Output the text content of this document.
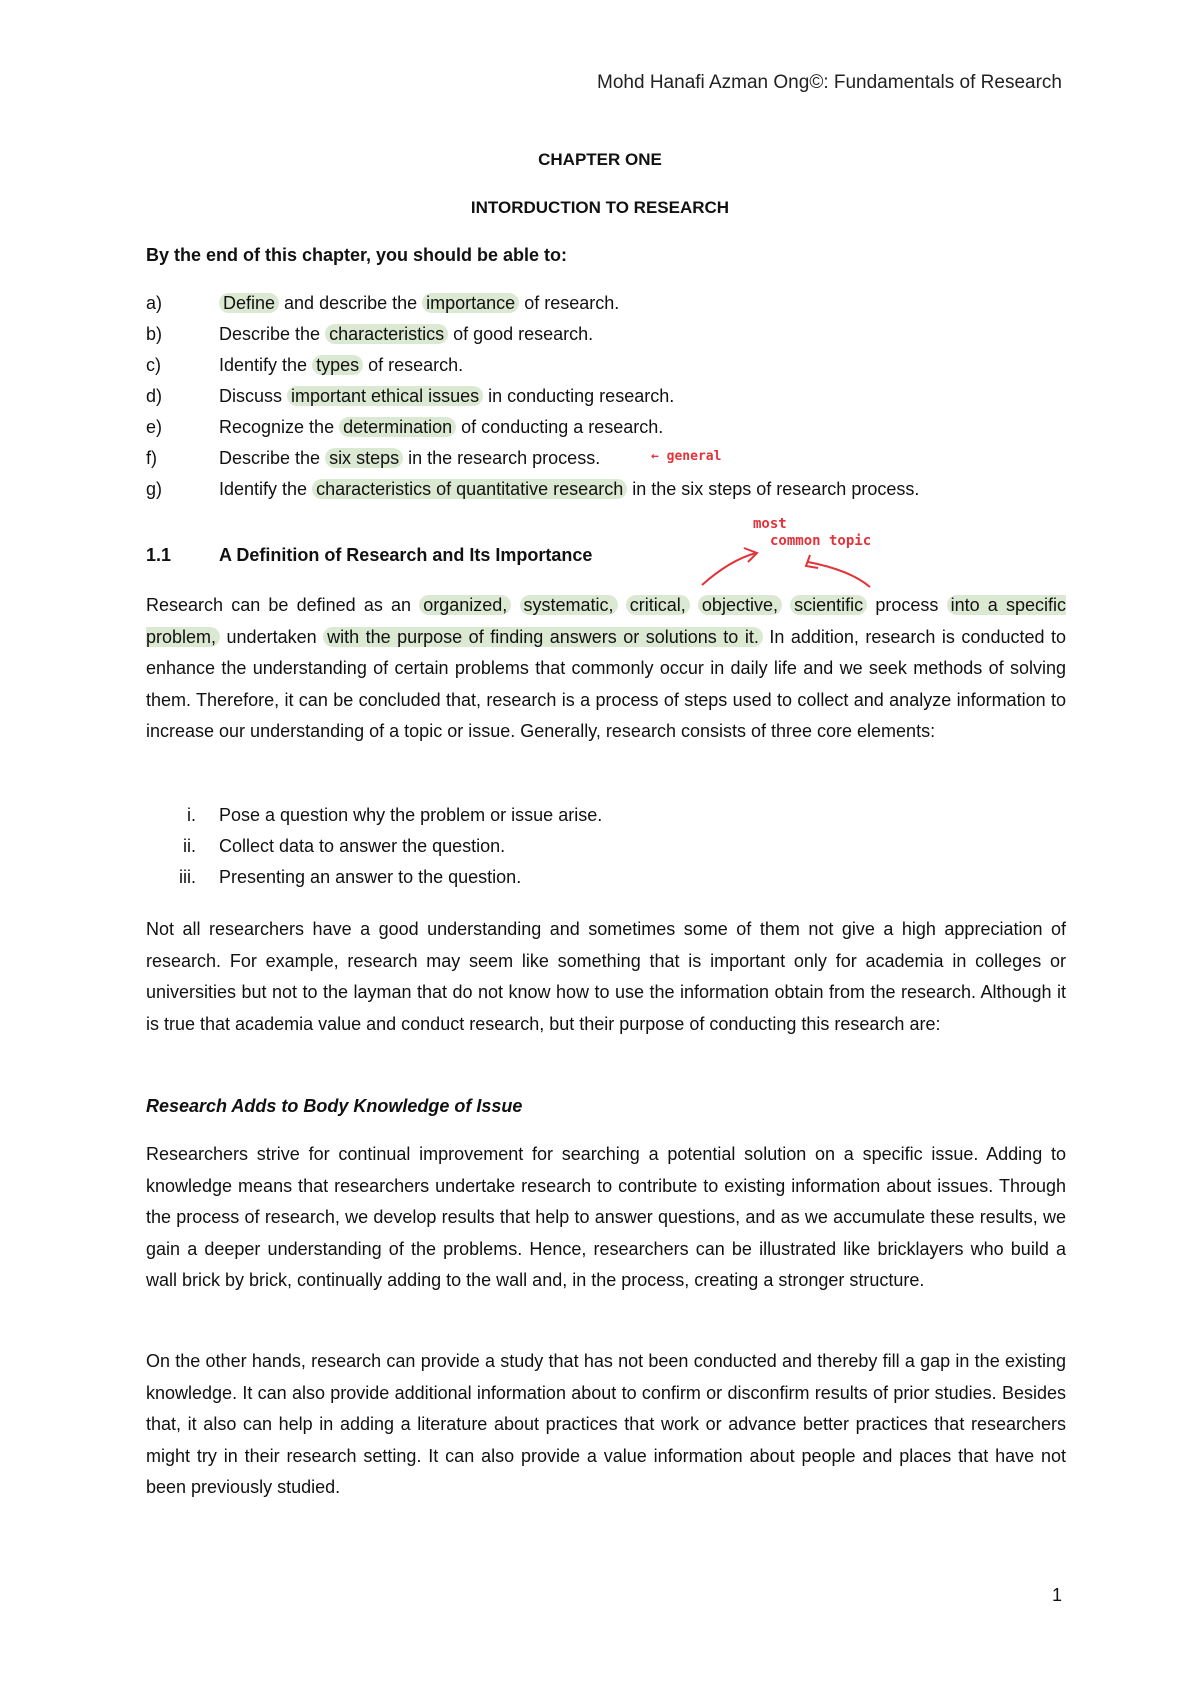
Mohd Hanafi Azman Ong©: Fundamentals of Research
CHAPTER ONE
INTORDUCTION TO RESEARCH
By the end of this chapter, you should be able to:
a)	Define and describe the importance of research.
b)	Describe the characteristics of good research.
c)	Identify the types of research.
d)	Discuss important ethical issues in conducting research.
e)	Recognize the determination of conducting a research.
f)	Describe the six steps in the research process.
g)	Identify the characteristics of quantitative research in the six steps of research process.
← general
most
common topic
1.1	A Definition of Research and Its Importance

Research can be defined as an organized, systematic, critical, objective, scientific process into a specific problem, undertaken with the purpose of finding answers or solutions to it. In addition, research is conducted to enhance the understanding of certain problems that commonly occur in daily life and we seek methods of solving them. Therefore, it can be concluded that, research is a process of steps used to collect and analyze information to increase our understanding of a topic or issue. Generally, research consists of three core elements:

i.	Pose a question why the problem or issue arise.
ii.	Collect data to answer the question.
iii.	Presenting an answer to the question.

Not all researchers have a good understanding and sometimes some of them not give a high appreciation of research. For example, research may seem like something that is important only for academia in colleges or universities but not to the layman that do not know how to use the information obtain from the research. Although it is true that academia value and conduct research, but their purpose of conducting this research are:

Research Adds to Body Knowledge of Issue

Researchers strive for continual improvement for searching a potential solution on a specific issue. Adding to knowledge means that researchers undertake research to contribute to existing information about issues. Through the process of research, we develop results that help to answer questions, and as we accumulate these results, we gain a deeper understanding of the problems. Hence, researchers can be illustrated like bricklayers who build a wall brick by brick, continually adding to the wall and, in the process, creating a stronger structure.

On the other hands, research can provide a study that has not been conducted and thereby fill a gap in the existing knowledge. It can also provide additional information about to confirm or disconfirm results of prior studies. Besides that, it also can help in adding a literature about practices that work or advance better practices that researchers might try in their research setting. It can also provide a value information about people and places that have not been previously studied.

1
